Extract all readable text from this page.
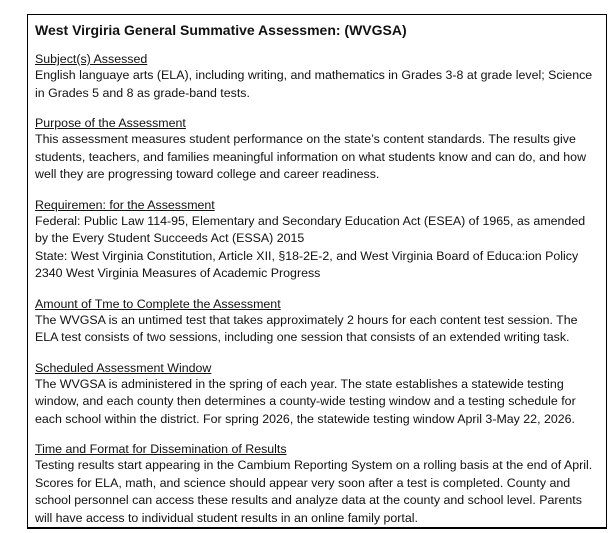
West Virgiria General Summative Assessmen: (WVGSA)

Subject(s) Assessed

English languaye arts (ELA), including writing, and mathematics in Grades 3-8 at grade level; Science in Grades 5 and 8 as grade-band tests.

Purpose of the Assessment

This assessment measures student performance on the state’s content standards. The results give students, teachers, and families meaningful information on what students know and can do, and how well they are progressing toward college and career readiness.

Requiremen: for the Assessment

Federal: Public Law 114-95, Elementary and Secondary Education Act (ESEA) of 1965, as amended by the Every Student Succeeds Act (ESSA) 2015

State: West Virginia Constitution, Article XII, §18-2E-2, and West Virginia Board of Educa:ion Policy 2340 West Virginia Measures of Academic Progress

Amount of Tme to Complete the Assessment

The WVGSA is an untimed test that takes approximately 2 hours for each content test session. The ELA test consists of two sessions, including one session that consists of an extended writing task.

Scheduled Assessment Window

The WVGSA is administered in the spring of each year. The state establishes a statewide testing window, and each county then determines a county-wide testing window and a testing schedule for each school within the district. For spring 2026, the statewide testing window April 3-May 22, 2026.

Time and Format for Dissemination of Results

Testing results start appearing in the Cambium Reporting System on a rolling basis at the end of April. Scores for ELA, math, and science should appear very soon after a test is completed. County and school personnel can access these results and analyze data at the county and school level. Parents will have access to individual student results in an online family portal.
